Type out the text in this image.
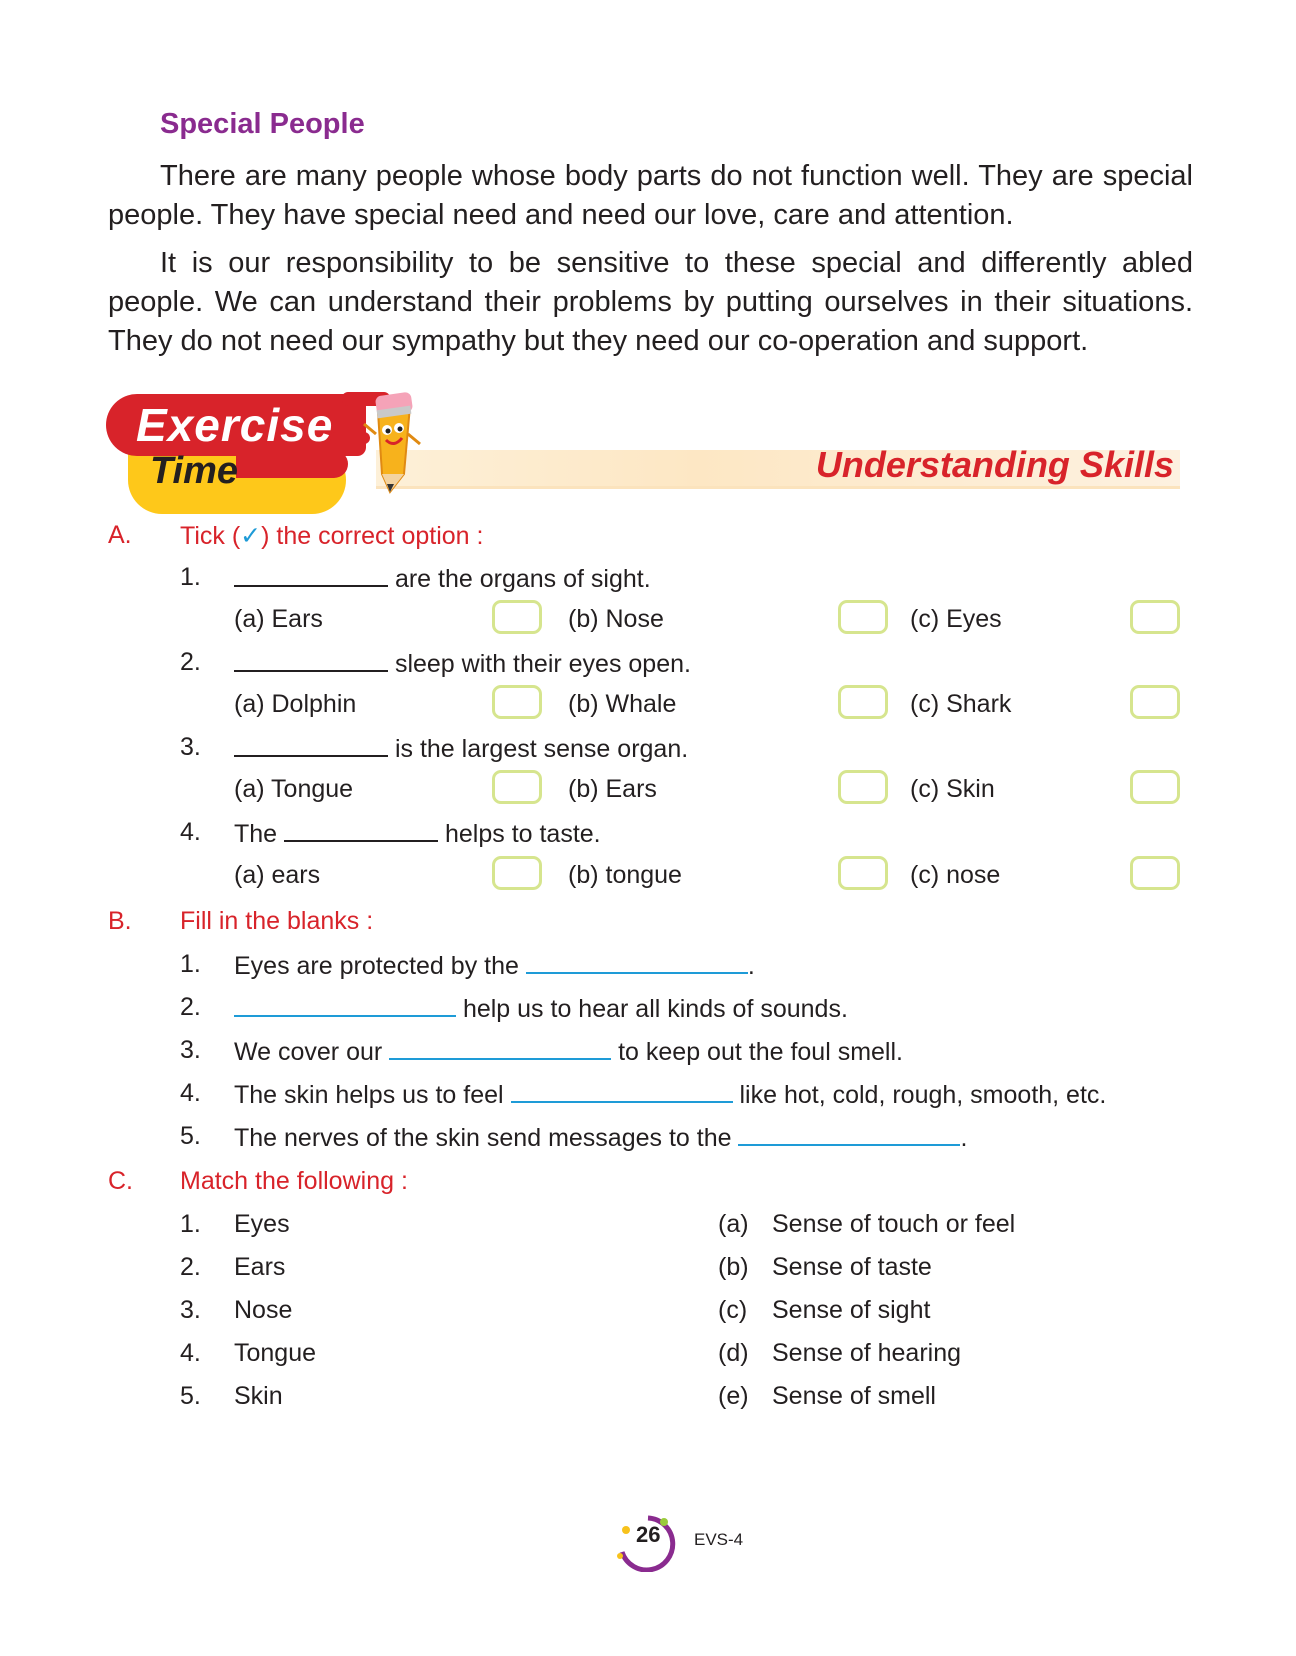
Special People

There are many people whose body parts do not function well. They are special people. They have special need and need our love, care and attention.

It is our responsibility to be sensitive to these special and differently abled people. We can understand their problems by putting ourselves in their situations. They do not need our sympathy but they need our co-operation and support.

Exercise
Time	Understanding Skills
A. Tick (✓) the correct option :
1.	are the organs of sight.
(a) Ears	(b) Nose	(c) Eyes
2.	sleep with their eyes open.
(a) Dolphin	(b) Whale	(c) Shark
3.	is the largest sense organ.
(a) Tongue	(b) Ears	(c) Skin
4. The	helps to taste.
(a) ears	(b) tongue	(c) nose
B. Fill in the blanks :
1. Eyes are protected by the	.
2.	help us to hear all kinds of sounds.
3. We cover our	to keep out the foul smell.
4. The skin helps us to feel	like hot, cold, rough, smooth, etc.
5. The nerves of the skin send messages to the	.
C. Match the following :
1. Eyes	(a) Sense of touch or feel
2. Ears	(b) Sense of taste
3. Nose	(c) Sense of sight
4. Tongue	(d) Sense of hearing
5. Skin	(e) Sense of smell
26 EVS-4
